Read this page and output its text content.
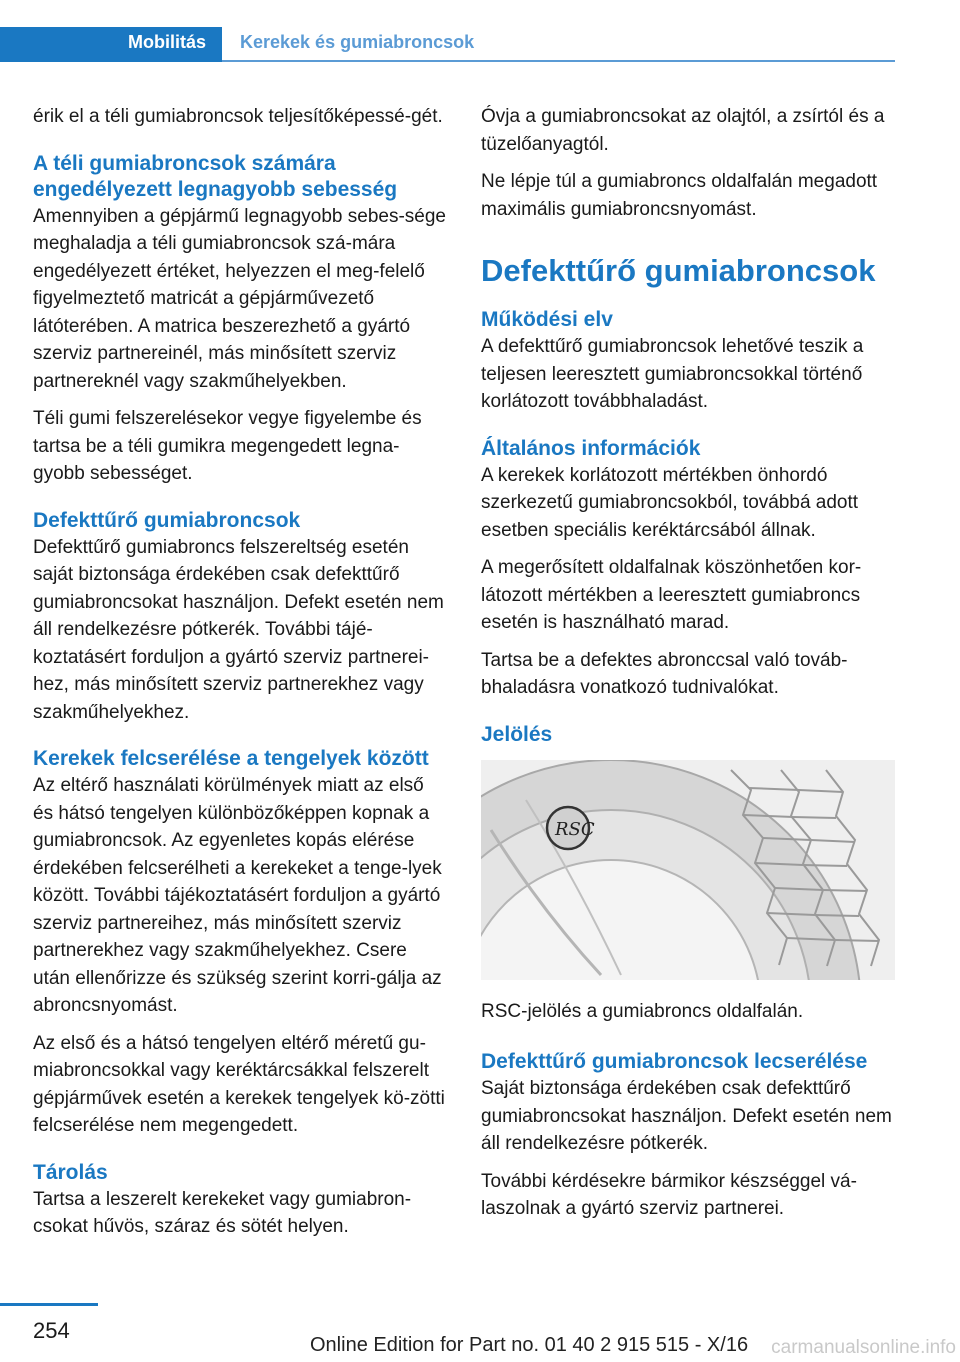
Mobilitás Kerekek és gumiabroncsok

érik el a téli gumiabroncsok teljesítőképessé-gét.

A téli gumiabroncsok számára engedélyezett legnagyobb sebesség

Amennyiben a gépjármű legnagyobb sebes-sége meghaladja a téli gumiabroncsok szá-mára engedélyezett értéket, helyezzen el meg-felelő figyelmeztető matricát a gépjárművezető látóterében. A matrica beszerezhető a gyártó szerviz partnereinél, más minősített szerviz partnereknél vagy szakműhelyekben.

Téli gumi felszerelésekor vegye figyelembe és tartsa be a téli gumikra megengedett legna-gyobb sebességet.

Defekttűrő gumiabroncsok

Defekttűrő gumiabroncs felszereltség esetén saját biztonsága érdekében csak defekttűrő gumiabroncsokat használjon. Defekt esetén nem áll rendelkezésre pótkerék. További tájé-koztatásért forduljon a gyártó szerviz partnerei-hez, más minősített szerviz partnerekhez vagy szakműhelyekhez.

Kerekek felcserélése a tengelyek között

Az eltérő használati körülmények miatt az első és hátsó tengelyen különbözőképpen kopnak a gumiabroncsok. Az egyenletes kopás elérése érdekében felcserélheti a kerekeket a tenge-lyek között. További tájékoztatásért forduljon a gyártó szerviz partnereihez, más minősített szerviz partnerekhez vagy szakműhelyekhez. Csere után ellenőrizze és szükség szerint korri-gálja az abroncsnyomást.

Az első és a hátsó tengelyen eltérő méretű gu-miabroncsokkal vagy keréktárcsákkal felszerelt gépjárművek esetén a kerekek tengelyek kö-zötti felcserélése nem megengedett.

Tárolás

Tartsa a leszerelt kerekeket vagy gumiabron-csokat hűvös, száraz és sötét helyen.

Óvja a gumiabroncsokat az olajtól, a zsírtól és a tüzelőanyagtól.

Ne lépje túl a gumiabroncs oldalfalán megadott maximális gumiabroncsnyomást.

Defekttűrő gumiabroncsok
Működési elv

A defekttűrő gumiabroncsok lehetővé teszik a teljesen leeresztett gumiabroncsokkal történő korlátozott továbbhaladást.

Általános információk

A kerekek korlátozott mértékben önhordó szerkezetű gumiabroncsokból, továbbá adott esetben speciális keréktárcsából állnak.

A megerősített oldalfalnak köszönhetően kor-látozott mértékben a leeresztett gumiabroncs esetén is használható marad.

Tartsa be a defektes abronccsal való továb-bhaladásra vonatkozó tudnivalókat.

Jelölés
RSC

RSC-jelölés a gumiabroncs oldalfalán.

Defekttűrő gumiabroncsok lecserélése

Saját biztonsága érdekében csak defekttűrő gumiabroncsokat használjon. Defekt esetén nem áll rendelkezésre pótkerék.

További kérdésekre bármikor készséggel vá-laszolnak a gyártó szerviz partnerei.

254
Online Edition for Part no. 01 40 2 915 515 - X/16 carmanualsonline.info
